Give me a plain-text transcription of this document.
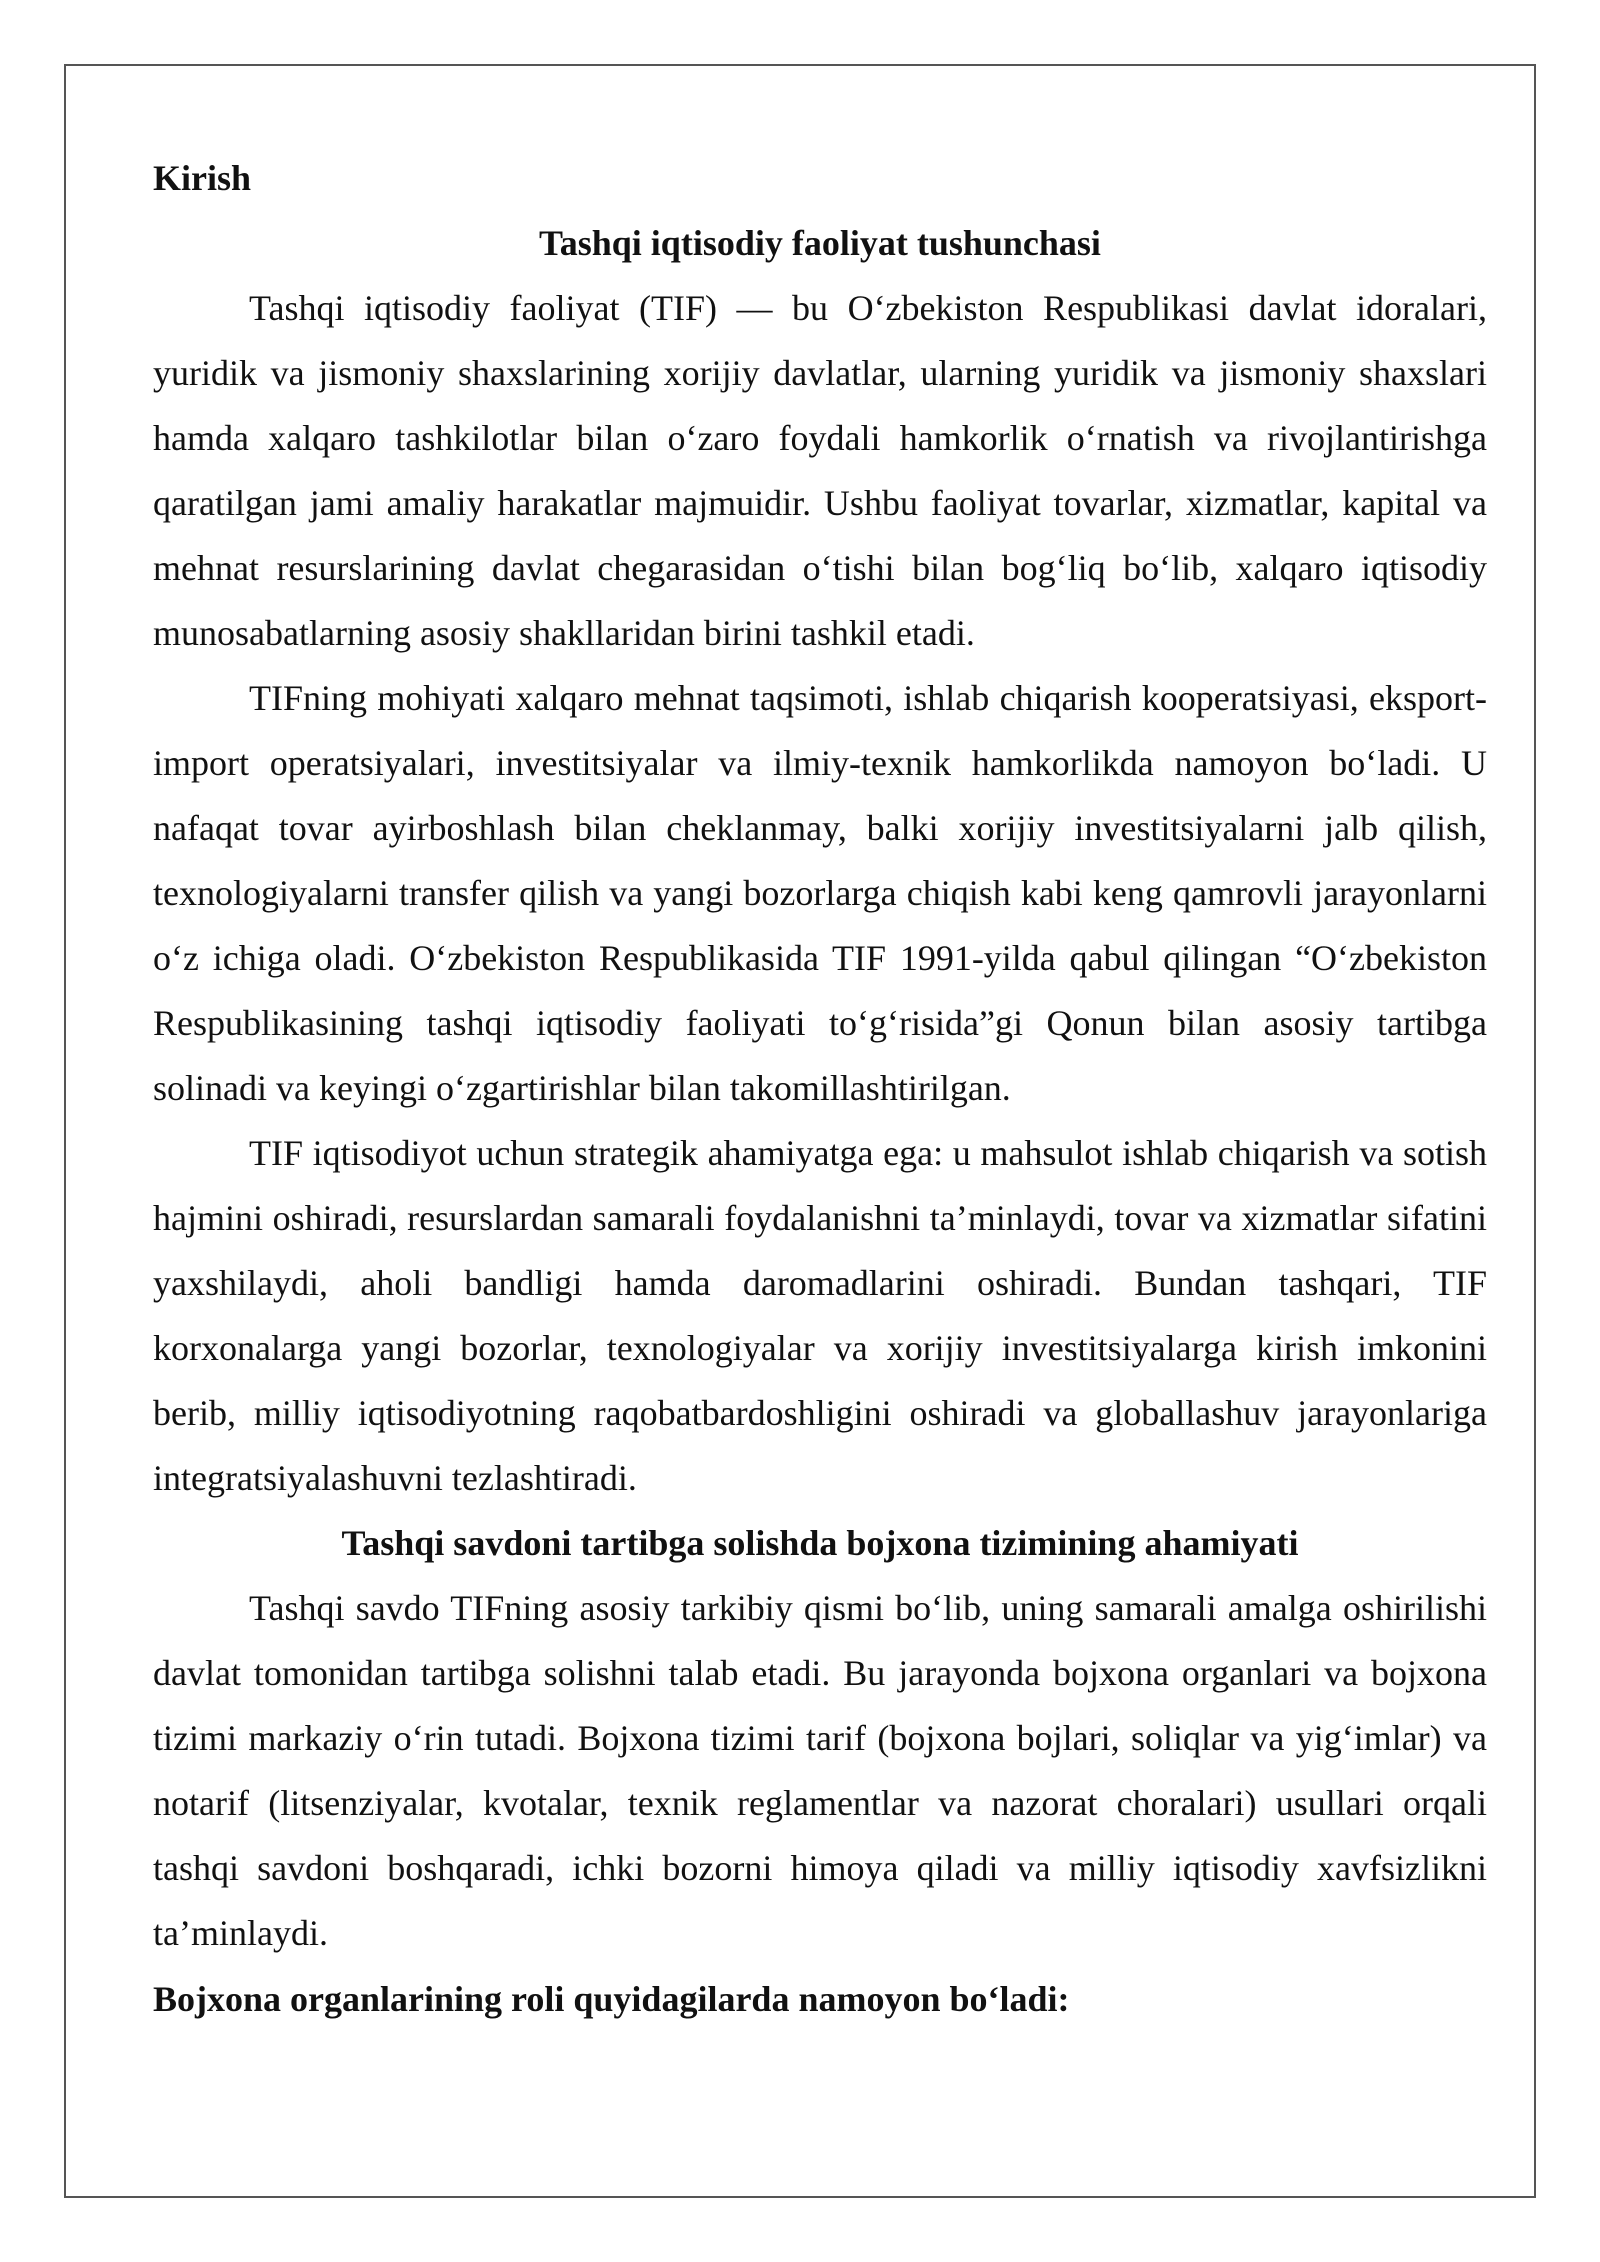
Kirish

Tashqi iqtisodiy faoliyat tushunchasi

Tashqi iqtisodiy faoliyat (TIF) — bu O‘zbekiston Respublikasi davlat idoralari, yuridik va jismoniy shaxslarining xorijiy davlatlar, ularning yuridik va jismoniy shaxslari hamda xalqaro tashkilotlar bilan o‘zaro foydali hamkorlik o‘rnatish va rivojlantirishga qaratilgan jami amaliy harakatlar majmuidir. Ushbu faoliyat tovarlar, xizmatlar, kapital va mehnat resurslarining davlat chegarasidan o‘tishi bilan bog‘liq bo‘lib, xalqaro iqtisodiy munosabatlarning asosiy shakllaridan birini tashkil etadi.

TIFning mohiyati xalqaro mehnat taqsimoti, ishlab chiqarish kooperatsiyasi, eksport-import operatsiyalari, investitsiyalar va ilmiy-texnik hamkorlikda namoyon bo‘ladi. U nafaqat tovar ayirboshlash bilan cheklanmay, balki xorijiy investitsiyalarni jalb qilish, texnologiyalarni transfer qilish va yangi bozorlarga chiqish kabi keng qamrovli jarayonlarni o‘z ichiga oladi. O‘zbekiston Respublikasida TIF 1991-yilda qabul qilingan “O‘zbekiston Respublikasining tashqi iqtisodiy faoliyati to‘g‘risida”gi Qonun bilan asosiy tartibga solinadi va keyingi o‘zgartirishlar bilan takomillashtirilgan.

TIF iqtisodiyot uchun strategik ahamiyatga ega: u mahsulot ishlab chiqarish va sotish hajmini oshiradi, resurslardan samarali foydalanishni ta’minlaydi, tovar va xizmatlar sifatini yaxshilaydi, aholi bandligi hamda daromadlarini oshiradi. Bundan tashqari, TIF korxonalarga yangi bozorlar, texnologiyalar va xorijiy investitsiyalarga kirish imkonini berib, milliy iqtisodiyotning raqobatbardoshligini oshiradi va globallashuv jarayonlariga integratsiyalashuvni tezlashtiradi.

Tashqi savdoni tartibga solishda bojxona tizimining ahamiyati

Tashqi savdo TIFning asosiy tarkibiy qismi bo‘lib, uning samarali amalga oshirilishi davlat tomonidan tartibga solishni talab etadi. Bu jarayonda bojxona organlari va bojxona tizimi markaziy o‘rin tutadi. Bojxona tizimi tarif (bojxona bojlari, soliqlar va yig‘imlar) va notarif (litsenziyalar, kvotalar, texnik reglamentlar va nazorat choralari) usullari orqali tashqi savdoni boshqaradi, ichki bozorni himoya qiladi va milliy iqtisodiy xavfsizlikni ta’minlaydi.

Bojxona organlarining roli quyidagilarda namoyon bo‘ladi:
